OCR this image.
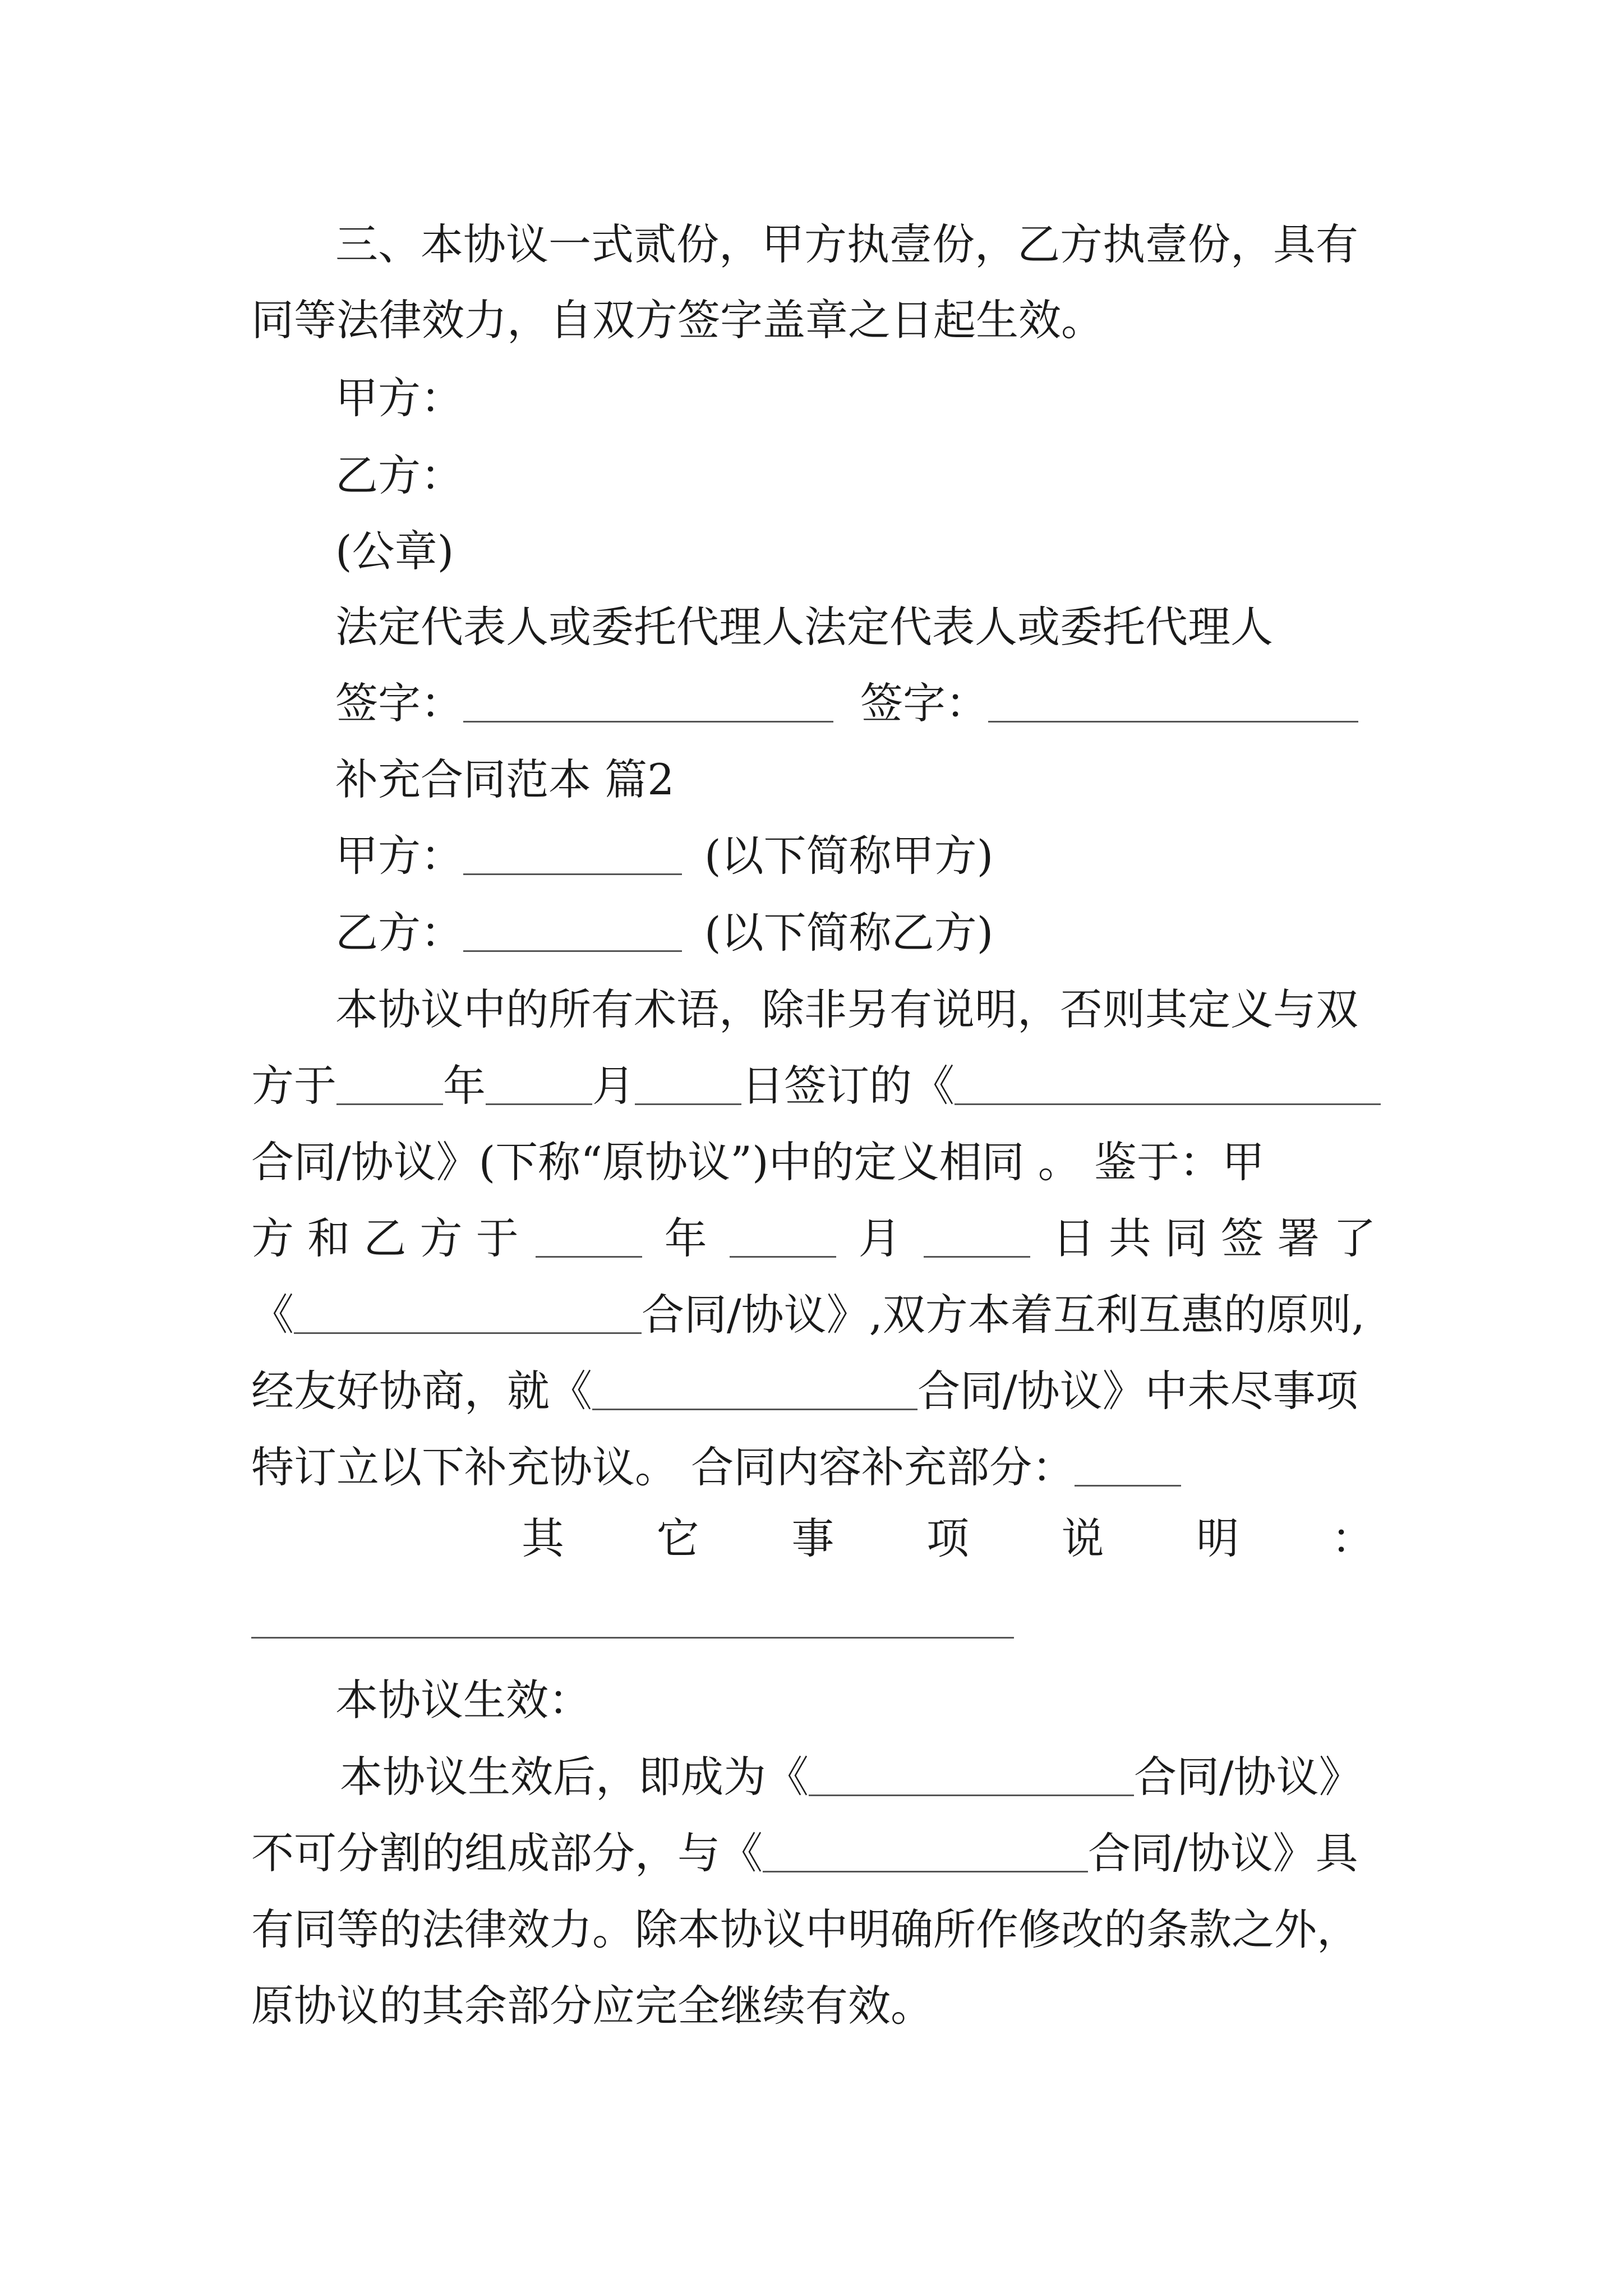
三、本协议一式贰份，甲方执壹份，乙方执壹份，具有
同等法律效力，自双方签字盖章之日起生效。
甲方：
乙方：
(公章)
法定代表人或委托代理人法定代表人或委托代理人
签字：	签字：
补充合同范本 篇2
甲方：	(以下简称甲方)
乙方：	(以下简称乙方)
本协议中的所有术语，除非另有说明，否则其定义与双
方于	年	月	日签订的《
合同/协议》(下称“原协议”)中的定义相同 。 鉴于：甲
方 和 乙 方 于	年	月	日 共 同 签 署 了
《	合同/协议》,双方本着互利互惠的原则,
经友好协商，就《	合同/协议》中未尽事项
特订立以下补充协议。 合同内容补充部分：
其 它 事 项 说 明 ：
本协议生效：
本协议生效后，即成为《	合同/协议》
不可分割的组成部分，与《	合同/协议》具
有同等的法律效力。除本协议中明确所作修改的条款之外，
原协议的其余部分应完全继续有效。
